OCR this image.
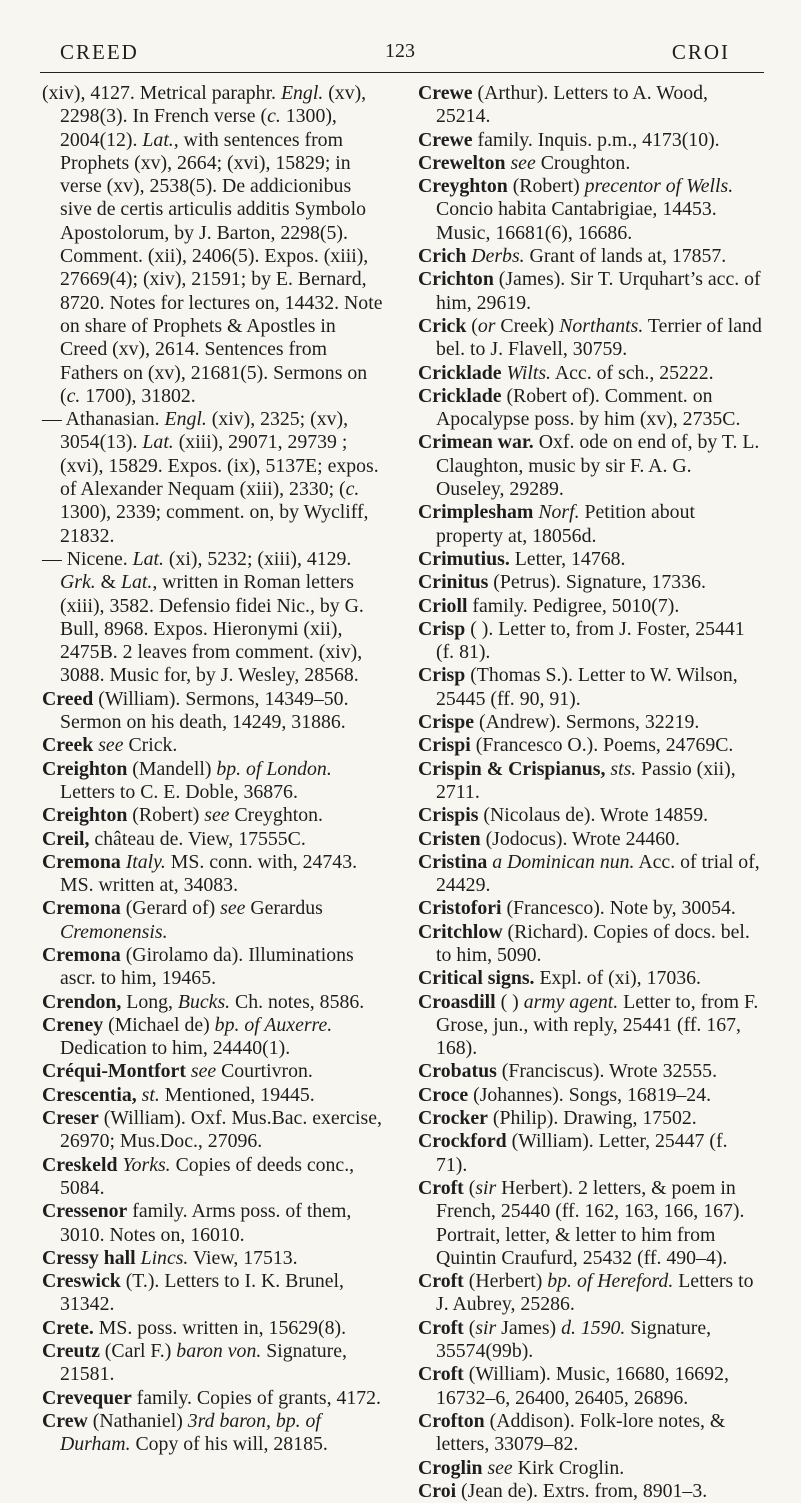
CREED	123	CROI

(xiv), 4127. Metrical paraphr. Engl. (xv), 2298(3). In French verse (c. 1300), 2004(12). Lat., with sentences from Prophets (xv), 2664; (xvi), 15829; in verse (xv), 2538(5). De addicionibus sive de certis articulis additis Symbolo Apostolorum, by J. Barton, 2298(5). Comment. (xii), 2406(5). Expos. (xiii), 27669(4); (xiv), 21591; by E. Bernard, 8720. Notes for lectures on, 14432. Note on share of Prophets & Apostles in Creed (xv), 2614. Sentences from Fathers on (xv), 21681(5). Sermons on (c. 1700), 31802.

— Athanasian. Engl. (xiv), 2325; (xv), 3054(13). Lat. (xiii), 29071, 29739 ; (xvi), 15829. Expos. (ix), 5137E; expos. of Alexander Nequam (xiii), 2330; (c. 1300), 2339; comment. on, by Wycliff, 21832.

— Nicene. Lat. (xi), 5232; (xiii), 4129. Grk. & Lat., written in Roman letters (xiii), 3582. Defensio fidei Nic., by G. Bull, 8968. Expos. Hieronymi (xii), 2475B. 2 leaves from comment. (xiv), 3088. Music for, by J. Wesley, 28568.

Creed (William). Sermons, 14349–50. Sermon on his death, 14249, 31886.

Creek see Crick.

Creighton (Mandell) bp. of London. Letters to C. E. Doble, 36876.

Creighton (Robert) see Creyghton.

Creil, château de. View, 17555C.

Cremona Italy. MS. conn. with, 24743. MS. written at, 34083.

Cremona (Gerard of) see Gerardus Cremonensis.

Cremona (Girolamo da). Illuminations ascr. to him, 19465.

Crendon, Long, Bucks. Ch. notes, 8586.

Creney (Michael de) bp. of Auxerre. Dedication to him, 24440(1).

Créqui-Montfort see Courtivron.

Crescentia, st. Mentioned, 19445.

Creser (William). Oxf. Mus.Bac. exercise, 26970; Mus.Doc., 27096.

Creskeld Yorks. Copies of deeds conc., 5084.

Cressenor family. Arms poss. of them, 3010. Notes on, 16010.

Cressy hall Lincs. View, 17513.

Creswick (T.). Letters to I. K. Brunel, 31342.

Crete. MS. poss. written in, 15629(8).

Creutz (Carl F.) baron von. Signature, 21581.

Crevequer family. Copies of grants, 4172.

Crew (Nathaniel) 3rd baron, bp. of Durham. Copy of his will, 28185.

Crewe (Arthur). Letters to A. Wood, 25214.

Crewe family. Inquis. p.m., 4173(10).

Crewelton see Croughton.

Creyghton (Robert) precentor of Wells. Concio habita Cantabrigiae, 14453. Music, 16681(6), 16686.

Crich Derbs. Grant of lands at, 17857.

Crichton (James). Sir T. Urquhart’s acc. of him, 29619.

Crick (or Creek) Northants. Terrier of land bel. to J. Flavell, 30759.

Cricklade Wilts. Acc. of sch., 25222.

Cricklade (Robert of). Comment. on Apocalypse poss. by him (xv), 2735C.

Crimean war. Oxf. ode on end of, by T. L. Claughton, music by sir F. A. G. Ouseley, 29289.

Crimplesham Norf. Petition about property at, 18056d.

Crimutius. Letter, 14768.

Crinitus (Petrus). Signature, 17336.

Crioll family. Pedigree, 5010(7).

Crisp ( ). Letter to, from J. Foster, 25441 (f. 81).

Crisp (Thomas S.). Letter to W. Wilson, 25445 (ff. 90, 91).

Crispe (Andrew). Sermons, 32219.

Crispi (Francesco O.). Poems, 24769C.

Crispin & Crispianus, sts. Passio (xii), 2711.

Crispis (Nicolaus de). Wrote 14859.

Cristen (Jodocus). Wrote 24460.

Cristina a Dominican nun. Acc. of trial of, 24429.

Cristofori (Francesco). Note by, 30054.

Critchlow (Richard). Copies of docs. bel. to him, 5090.

Critical signs. Expl. of (xi), 17036.

Croasdill ( ) army agent. Letter to, from F. Grose, jun., with reply, 25441 (ff. 167, 168).

Crobatus (Franciscus). Wrote 32555.

Croce (Johannes). Songs, 16819–24.

Crocker (Philip). Drawing, 17502.

Crockford (William). Letter, 25447 (f. 71).

Croft (sir Herbert). 2 letters, & poem in French, 25440 (ff. 162, 163, 166, 167). Portrait, letter, & letter to him from Quintin Craufurd, 25432 (ff. 490–4).

Croft (Herbert) bp. of Hereford. Letters to J. Aubrey, 25286.

Croft (sir James) d. 1590. Signature, 35574(99b).

Croft (William). Music, 16680, 16692, 16732–6, 26400, 26405, 26896.

Crofton (Addison). Folk-lore notes, & letters, 33079–82.

Croglin see Kirk Croglin.

Croi (Jean de). Extrs. from, 8901–3.
